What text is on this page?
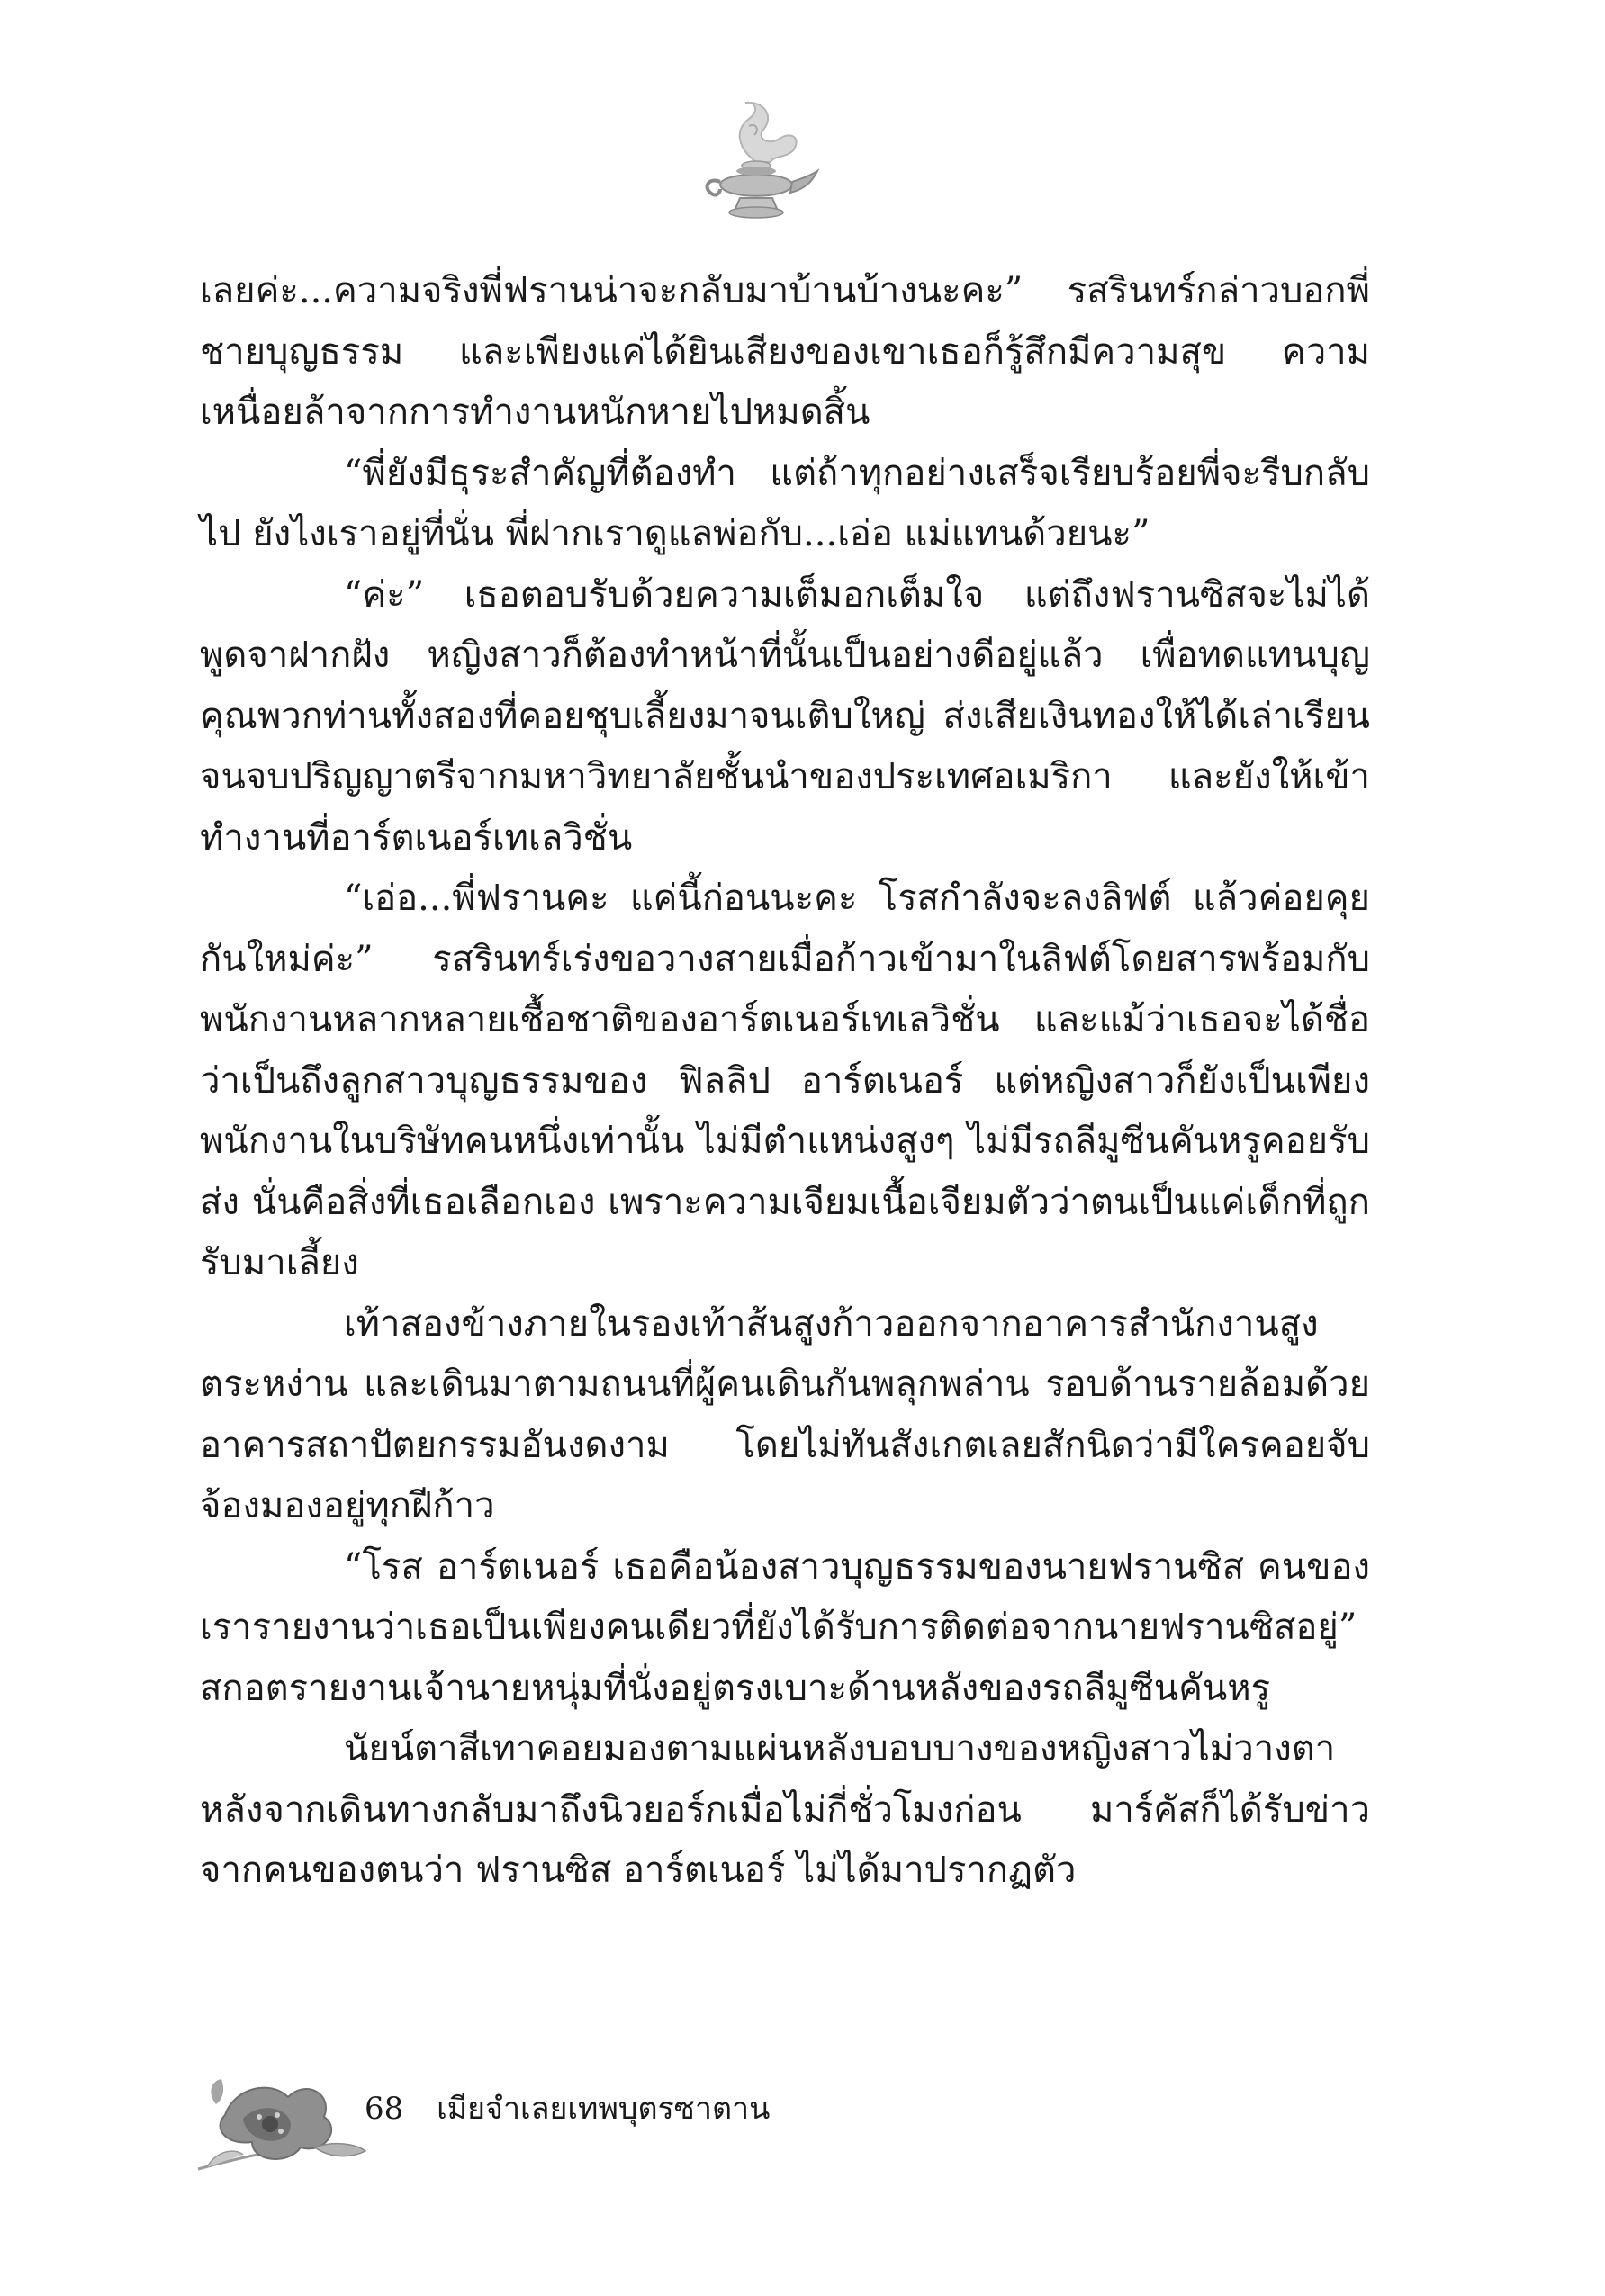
เลยค่ะ...ความจริงพี่ฟรานน่าจะกลับมาบ้านบ้างนะคะ” รสรินทร์กล่าวบอกพี่ชายบุญธรรม และเพียงแค่ได้ยินเสียงของเขาเธอก็รู้สึกมีความสุข ความเหนื่อยล้าจากการทำงานหนักหายไปหมดสิ้น

“พี่ยังมีธุระสำคัญที่ต้องทำ แต่ถ้าทุกอย่างเสร็จเรียบร้อยพี่จะรีบกลับไป ยังไงเราอยู่ที่นั่น พี่ฝากเราดูแลพ่อกับ...เอ่อ แม่แทนด้วยนะ”

“ค่ะ” เธอตอบรับด้วยความเต็มอกเต็มใจ แต่ถึงฟรานซิสจะไม่ได้พูดจาฝากฝัง หญิงสาวก็ต้องทำหน้าที่นั้นเป็นอย่างดีอยู่แล้ว เพื่อทดแทนบุญคุณพวกท่านทั้งสองที่คอยชุบเลี้ยงมาจนเติบใหญ่ ส่งเสียเงินทองให้ได้เล่าเรียนจนจบปริญญาตรีจากมหาวิทยาลัยชั้นนำของประเทศอเมริกา และยังให้เข้าทำงานที่อาร์ตเนอร์เทเลวิชั่น

“เอ่อ...พี่ฟรานคะ แค่นี้ก่อนนะคะ โรสกำลังจะลงลิฟต์ แล้วค่อยคุยกันใหม่ค่ะ” รสรินทร์เร่งขอวางสายเมื่อก้าวเข้ามาในลิฟต์โดยสารพร้อมกับพนักงานหลากหลายเชื้อชาติของอาร์ตเนอร์เทเลวิชั่น และแม้ว่าเธอจะได้ชื่อว่าเป็นถึงลูกสาวบุญธรรมของ ฟิลลิป อาร์ตเนอร์ แต่หญิงสาวก็ยังเป็นเพียงพนักงานในบริษัทคนหนึ่งเท่านั้น ไม่มีตำแหน่งสูงๆ ไม่มีรถลีมูซีนคันหรูคอยรับส่ง นั่นคือสิ่งที่เธอเลือกเอง เพราะความเจียมเนื้อเจียมตัวว่าตนเป็นแค่เด็กที่ถูกรับมาเลี้ยง

เท้าสองข้างภายในรองเท้าส้นสูงก้าวออกจากอาคารสำนักงานสูงตระหง่าน และเดินมาตามถนนที่ผู้คนเดินกันพลุกพล่าน รอบด้านรายล้อมด้วยอาคารสถาปัตยกรรมอันงดงาม โดยไม่ทันสังเกตเลยสักนิดว่ามีใครคอยจับจ้องมองอยู่ทุกฝีก้าว

“โรส อาร์ตเนอร์ เธอคือน้องสาวบุญธรรมของนายฟรานซิส คนของเรารายงานว่าเธอเป็นเพียงคนเดียวที่ยังได้รับการติดต่อจากนายฟรานซิสอยู่” สกอตรายงานเจ้านายหนุ่มที่นั่งอยู่ตรงเบาะด้านหลังของรถลีมูซีนคันหรู

นัยน์ตาสีเทาคอยมองตามแผ่นหลังบอบบางของหญิงสาวไม่วางตา หลังจากเดินทางกลับมาถึงนิวยอร์กเมื่อไม่กี่ชั่วโมงก่อน มาร์คัสก็ได้รับข่าวจากคนของตนว่า ฟรานซิส อาร์ตเนอร์ ไม่ได้มาปรากฏตัว

68 เมียจำเลยเทพบุตรซาตาน
